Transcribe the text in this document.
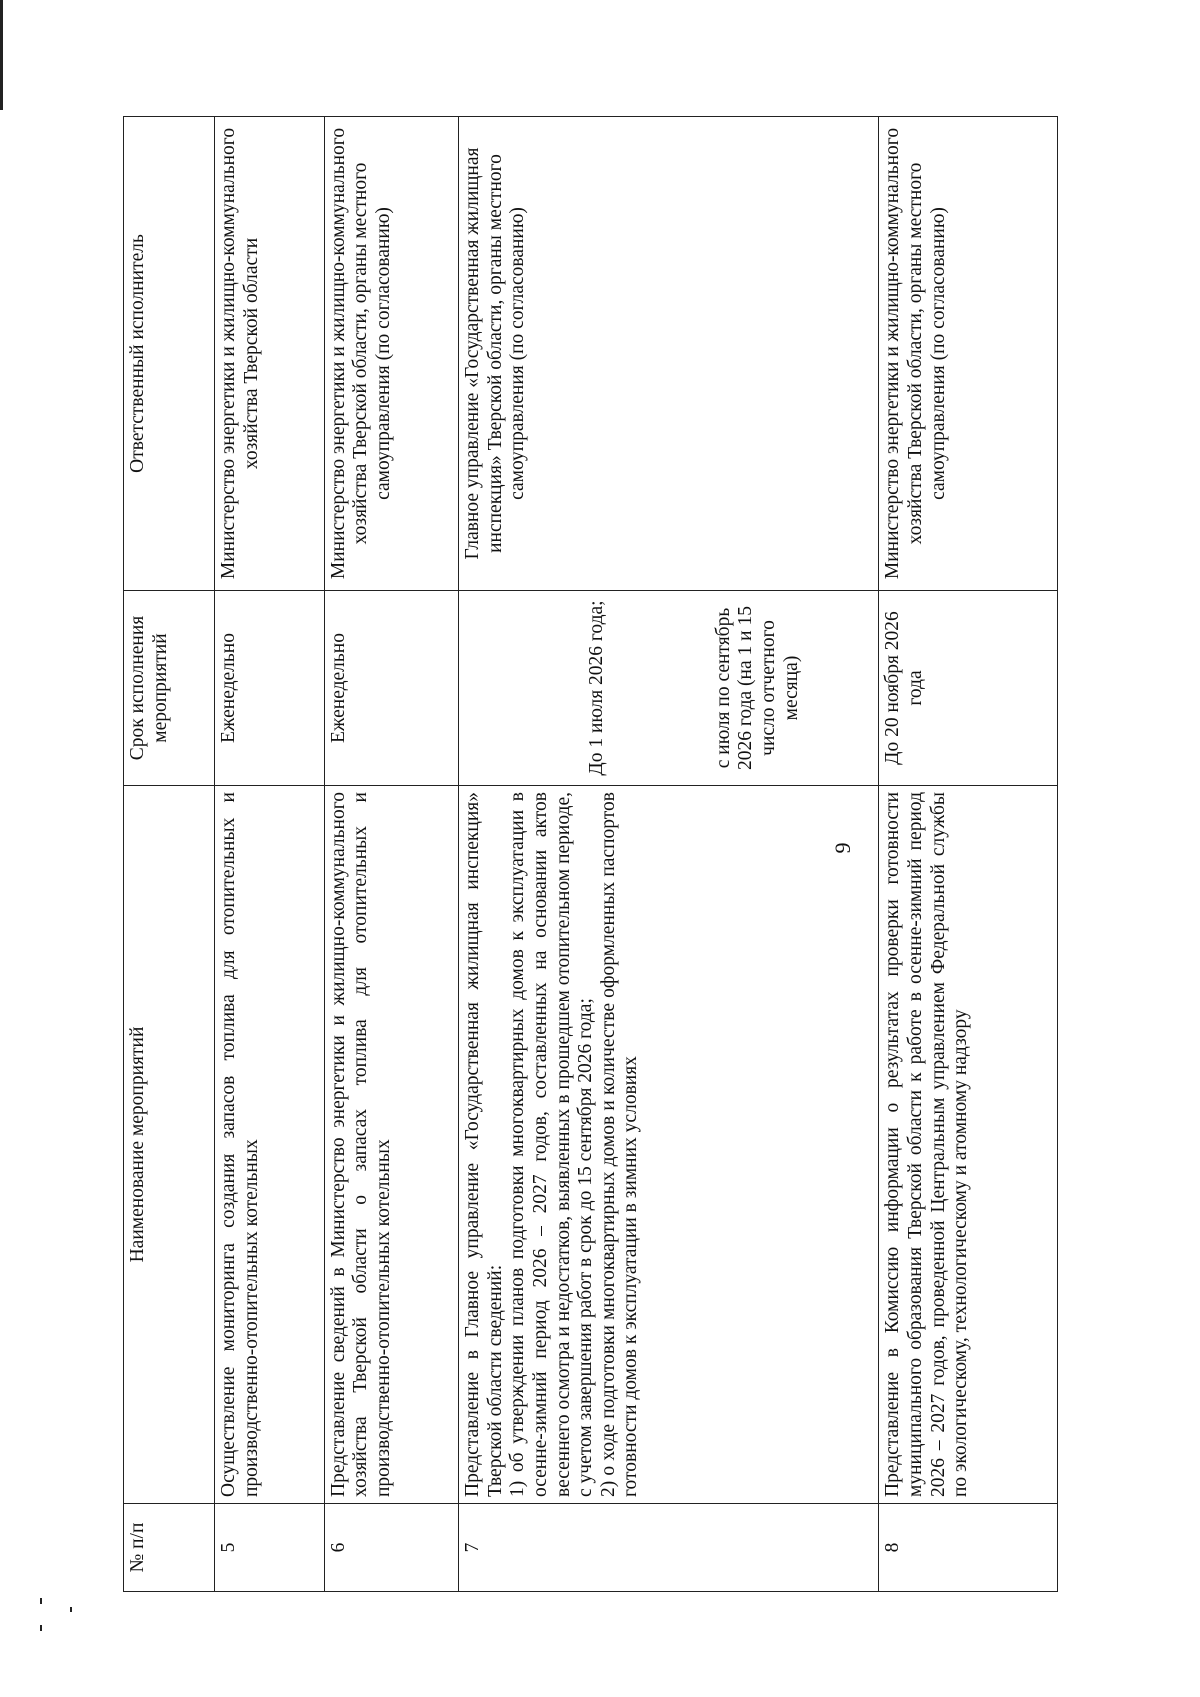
9
№ п/п	Наименование мероприятий	Срок исполнения мероприятий	Ответственный исполнитель
5	Осуществление мониторинга создания запасов топлива для отопительных и производственно-отопительных котельных	Еженедельно	Министерство энергетики и жилищно-коммунального хозяйства Тверской области
6	Представление сведений в Министерство энергетики и жилищно-коммунального хозяйства Тверской области о запасах топлива для отопительных и производственно-отопительных котельных	Еженедельно	Министерство энергетики и жилищно-коммунального хозяйства Тверской области, органы местного самоуправления (по согласованию)
7	Представление в Главное управление «Государственная жилищная инспекция» Тверской области сведений: 1) об утверждении планов подготовки многоквартирных домов к эксплуатации в осенне-зимний период 2026 – 2027 годов, составленных на основании актов весеннего осмотра и недостатков, выявленных в прошедшем отопительном периоде, с учетом завершения работ в срок до 15 сентября 2026 года; 2) о ходе подготовки многоквартирных домов и количестве оформленных паспортов готовности домов к эксплуатации в зимних условиях	До 1 июля 2026 года; с июля по сентябрь 2026 года (на 1 и 15 число отчетного месяца)	Главное управление «Государственная жилищная инспекция» Тверской области, органы местного самоуправления (по согласованию)
8	Представление в Комиссию информации о результатах проверки готовности муниципального образования Тверской области к работе в осенне-зимний период 2026 – 2027 годов, проведенной Центральным управлением Федеральной службы по экологическому, технологическому и атомному надзору	До 20 ноября 2026 года	Министерство энергетики и жилищно-коммунального хозяйства Тверской области, органы местного самоуправления (по согласованию)
